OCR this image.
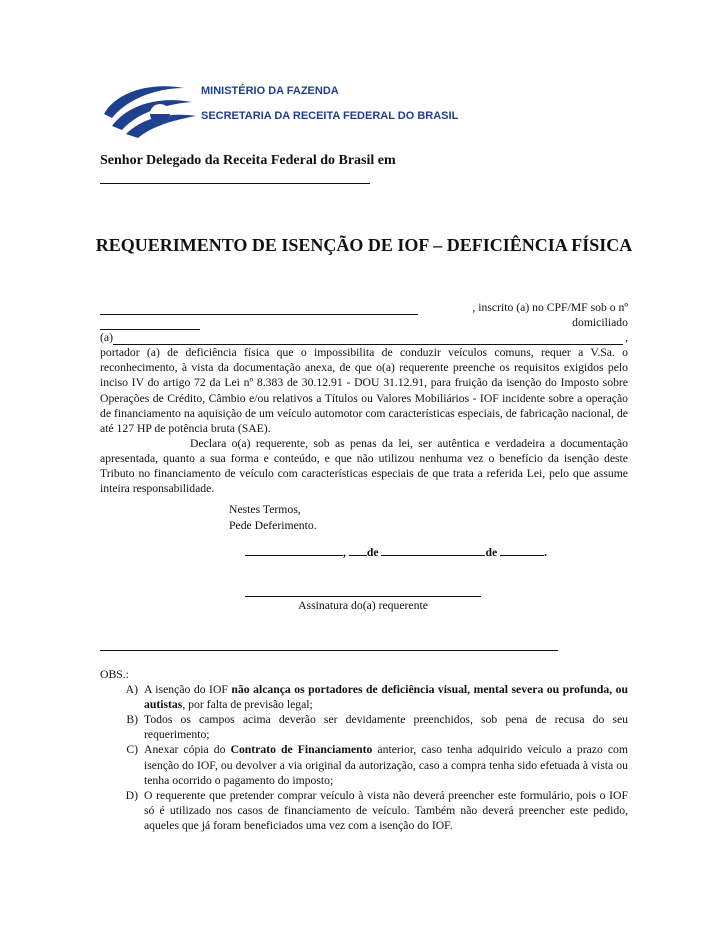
MINISTÉRIO DA FAZENDA
SECRETARIA DA RECEITA FEDERAL DO BRASIL
Senhor Delegado da Receita Federal do Brasil em
REQUERIMENTO DE ISENÇÃO DE IOF – DEFICIÊNCIA FÍSICA
, inscrito (a) no CPF/MF sob o nº
domiciliado
(a)	,
portador (a) de deficiência física que o impossibilita de conduzir veículos comuns, requer a V.Sa. o reconhecimento, à vista da documentação anexa, de que o(a) requerente preenche os requisitos exigidos pelo inciso IV do artigo 72 da Lei nº 8.383 de 30.12.91 - DOU 31.12.91, para fruição da isenção do Imposto sobre Operações de Crédito, Câmbio e/ou relativos a Títulos ou Valores Mobiliários - IOF incidente sobre a operação de financiamento na aquisição de um veículo automotor com características especiais, de fabricação nacional, de até 127 HP de potência bruta (SAE).
Declara o(a) requerente, sob as penas da lei, ser autêntica e verdadeira a documentação apresentada, quanto a sua forma e conteúdo, e que não utilizou nenhuma vez o benefício da isenção deste Tributo no financiamento de veículo com características especiais de que trata a referida Lei, pelo que assume inteira responsabilidade.
Nestes Termos,
Pede Deferimento.
, de	de	.
Assinatura do(a) requerente
OBS.:
A) A isenção do IOF não alcança os portadores de deficiência visual, mental severa ou profunda, ou autistas, por falta de previsão legal;
B) Todos os campos acima deverão ser devidamente preenchidos, sob pena de recusa do seu requerimento;
C) Anexar cópia do Contrato de Financiamento anterior, caso tenha adquirido veículo a prazo com isenção do IOF, ou devolver a via original da autorização, caso a compra tenha sido efetuada à vista ou tenha ocorrido o pagamento do imposto;
D) O requerente que pretender comprar veículo à vista não deverá preencher este formulário, pois o IOF só é utilizado nos casos de financiamento de veículo. Também não deverá preencher este pedido, aqueles que já foram beneficiados uma vez com a isenção do IOF.
